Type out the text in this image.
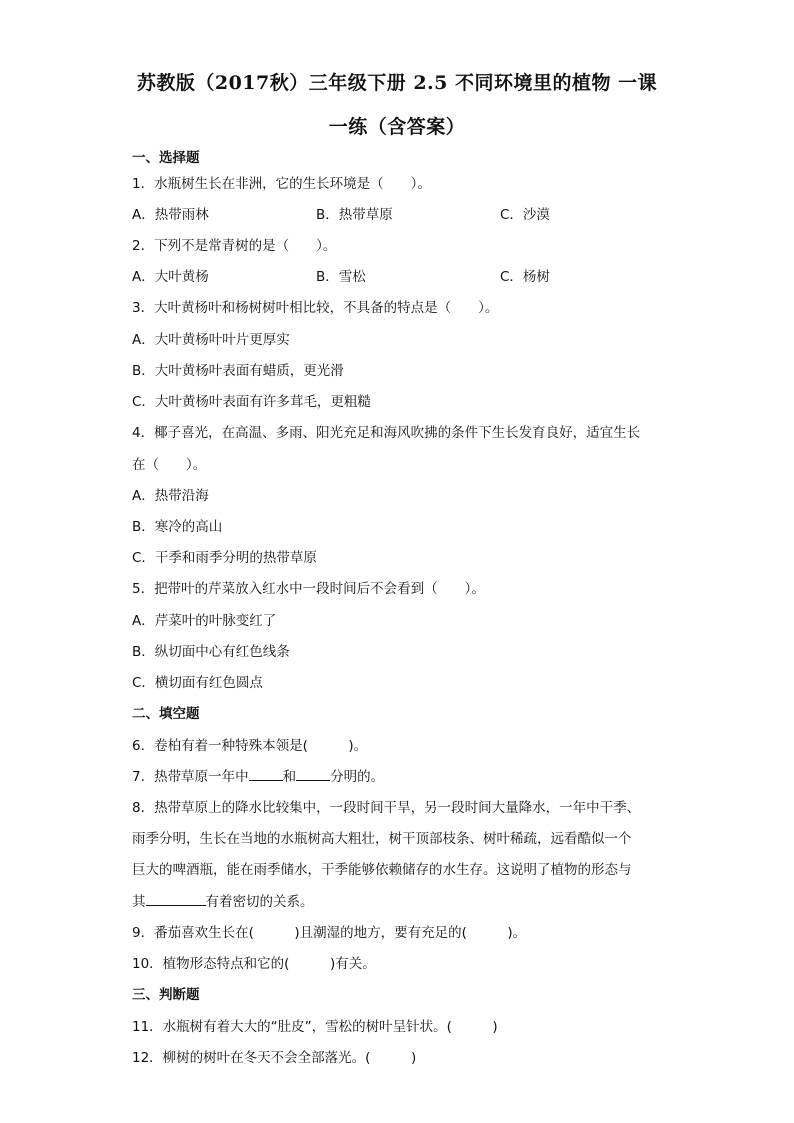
苏教版（2017秋）三年级下册 2.5 不同环境里的植物 一课
一练（含答案）
一、选择题
1．水瓶树生长在非洲，它的生长环境是（　　）。
A．热带雨林	B．热带草原	C．沙漠
2．下列不是常青树的是（　　）。
A．大叶黄杨	B．雪松	C．杨树
3．大叶黄杨叶和杨树树叶相比较，不具备的特点是（　　）。
A．大叶黄杨叶叶片更厚实
B．大叶黄杨叶表面有蜡质，更光滑
C．大叶黄杨叶表面有许多茸毛，更粗糙
4．椰子喜光，在高温、多雨、阳光充足和海风吹拂的条件下生长发育良好，适宜生长
在（　　）。
A．热带沿海
B．寒冷的高山
C．干季和雨季分明的热带草原
5．把带叶的芹菜放入红水中一段时间后不会看到（　　）。
A．芹菜叶的叶脉变红了
B．纵切面中心有红色线条
C．横切面有红色圆点
二、填空题
6．卷柏有着一种特殊本领是(　　　)。
7．热带草原一年中	和	分明的。
8．热带草原上的降水比较集中，一段时间干旱，另一段时间大量降水，一年中干季、
雨季分明，生长在当地的水瓶树高大粗壮，树干顶部枝条、树叶稀疏，远看酷似一个
巨大的啤酒瓶，能在雨季储水，干季能够依赖储存的水生存。这说明了植物的形态与
其	有着密切的关系。
9．番茄喜欢生长在(　　　)且潮湿的地方，要有充足的(　　　)。
10．植物形态特点和它的(　　　)有关。
三、判断题
11．水瓶树有着大大的“肚皮”，雪松的树叶呈针状。(　　　)
12．柳树的树叶在冬天不会全部落光。(　　　)
